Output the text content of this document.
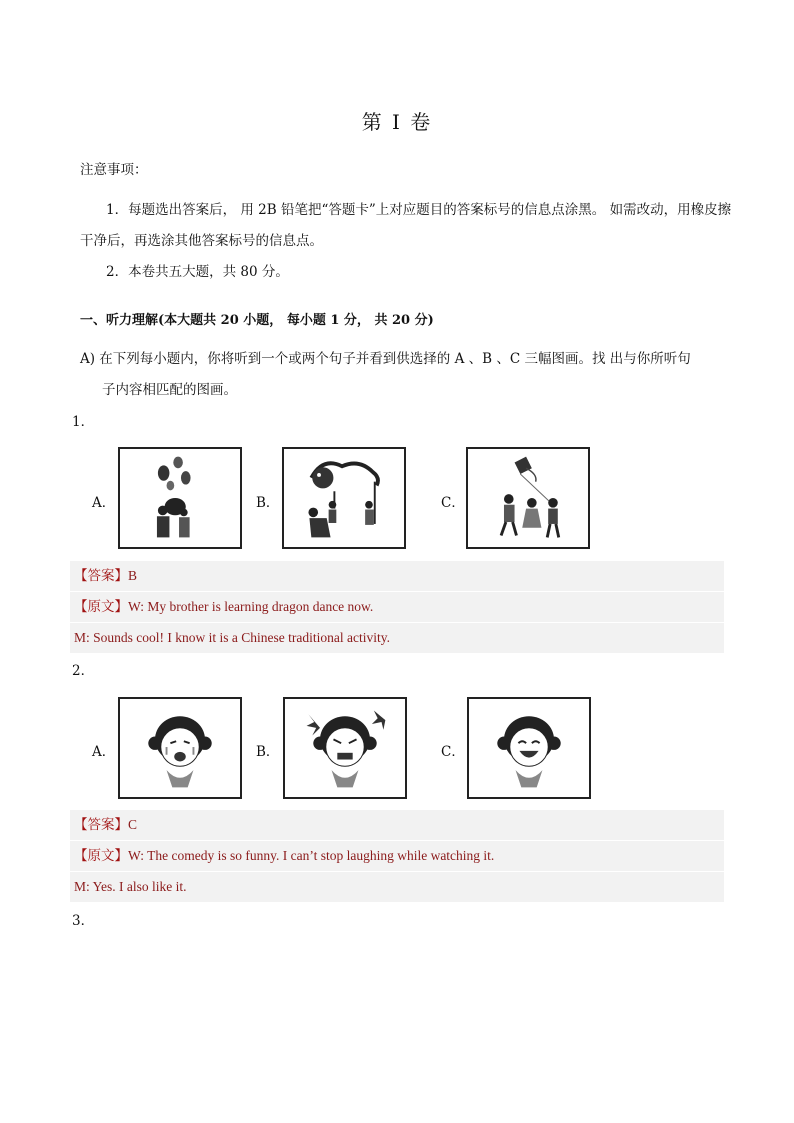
第 I 卷
注意事项：
1．每题选出答案后， 用 2B 铅笔把“答题卡”上对应题目的答案标号的信息点涂黑。 如需改动，用橡皮擦
干净后，再选涂其他答案标号的信息点。
2．本卷共五大题，共 80 分。
一、听力理解(本大题共 20 小题， 每小题 1 分， 共 20 分)
A) 在下列每小题内，你将听到一个或两个句子并看到供选择的 A 、B 、C 三幅图画。找 出与你所听句
子内容相匹配的图画。
1．
A．	B．	C．
【答案】B
【原文】W: My brother is learning dragon dance now.
M: Sounds cool! I know it is a Chinese traditional activity.
2．
A．	B．	C．
【答案】C
【原文】W: The comedy is so funny. I can’t stop laughing while watching it.
M: Yes. I also like it.
3．
